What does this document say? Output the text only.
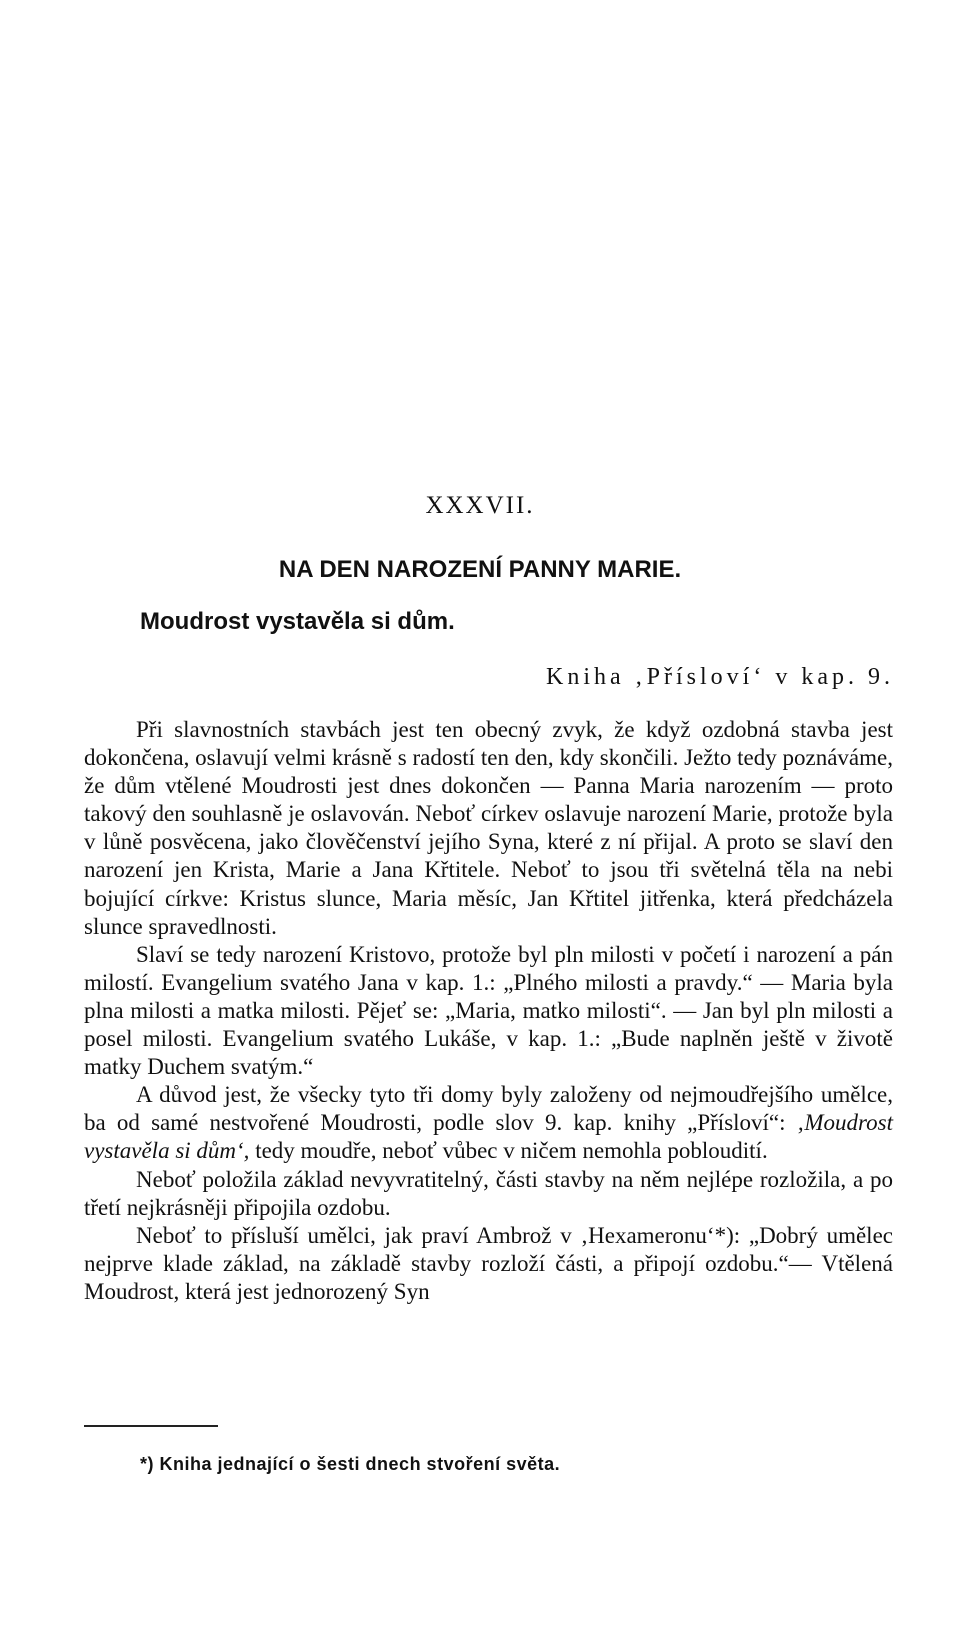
XXXVII.
NA DEN NAROZENÍ PANNY MARIE.
Moudrost vystavěla si dům.
Kniha ‚Přísloví‘ v kap. 9.

Při slavnostních stavbách jest ten obecný zvyk, že když ozdobná stavba jest dokončena, oslavují velmi krásně s radostí ten den, kdy skončili. Ježto tedy poznáváme, že dům vtělené Moudrosti jest dnes dokončen — Panna Maria narozením — proto takový den souhlasně je oslavován. Neboť církev oslavuje narození Marie, protože byla v lůně posvěcena, jako člověčenství jejího Syna, které z ní přijal. A proto se slaví den narození jen Krista, Marie a Jana Křtitele. Neboť to jsou tři světelná těla na nebi bojující církve: Kristus slunce, Maria měsíc, Jan Křtitel jitřenka, která předcházela slunce spravedlnosti.

Slaví se tedy narození Kristovo, protože byl pln milosti v početí i narození a pán milostí. Evangelium svatého Jana v kap. 1.: „Plného milosti a pravdy.“ — Maria byla plna milosti a matka milosti. Pějeť se: „Maria, matko milosti“. — Jan byl pln milosti a posel milosti. Evangelium svatého Lukáše, v kap. 1.: „Bude naplněn ještě v životě matky Duchem svatým.“

A důvod jest, že všecky tyto tři domy byly založeny od nejmoudřejšího umělce, ba od samé nestvořené Moudrosti, podle slov 9. kap. knihy „Přísloví“: ‚Moudrost vystavěla si dům‘, tedy moudře, neboť vůbec v ničem nemohla pobloudití.

Neboť položila základ nevyvratitelný, části stavby na něm nejlépe rozložila, a po třetí nejkrásněji připojila ozdobu.

Neboť to přísluší umělci, jak praví Ambrož v ‚Hexameronu‘*): „Dobrý umělec nejprve klade základ, na základě stavby rozloží části, a připojí ozdobu.“— Vtělená Moudrost, která jest jednorozený Syn

*) Kniha jednající o šesti dnech stvoření světa.
